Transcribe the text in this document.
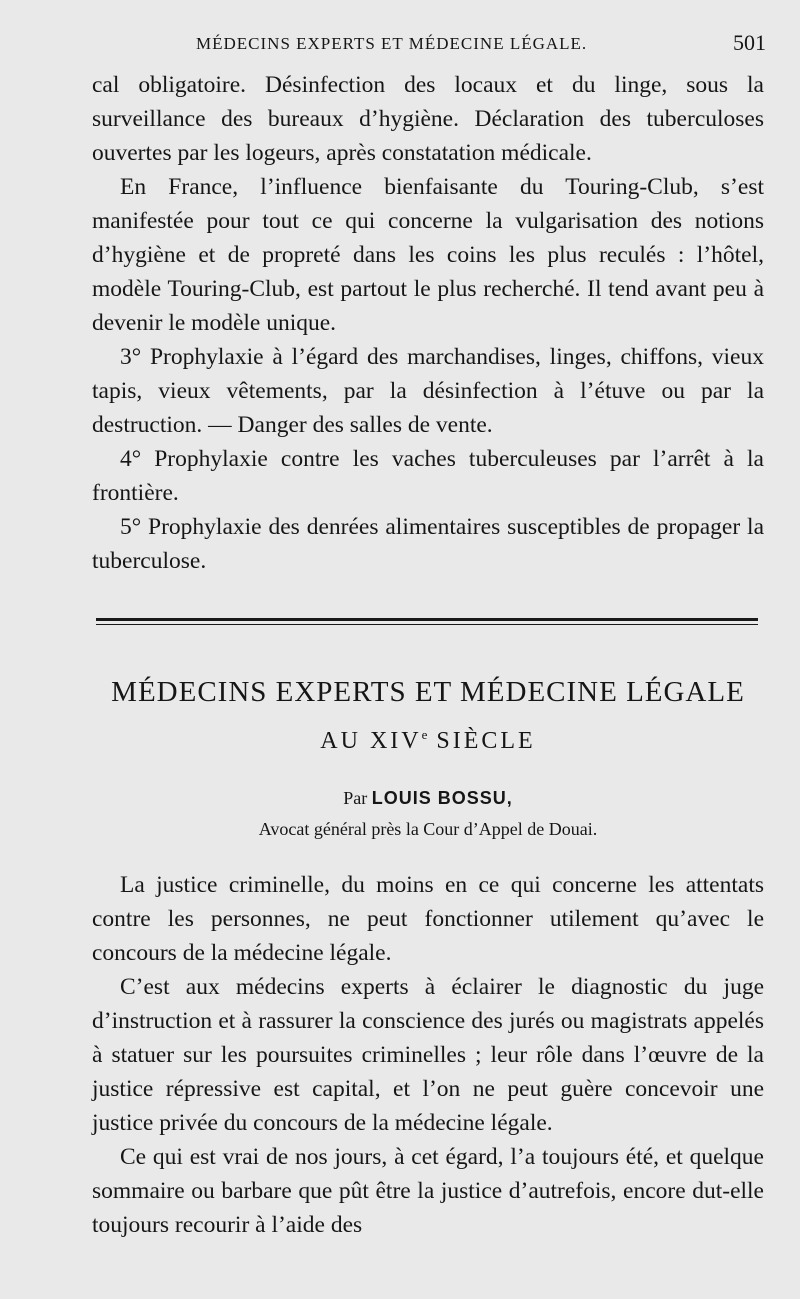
MÉDECINS EXPERTS ET MÉDECINE LÉGALE.	501

cal obligatoire. Désinfection des locaux et du linge, sous la surveillance des bureaux d’hygiène. Déclaration des tuberculoses ouvertes par les logeurs, après constatation médicale.

En France, l’influence bienfaisante du Touring-Club, s’est manifestée pour tout ce qui concerne la vulgarisation des notions d’hygiène et de propreté dans les coins les plus reculés : l’hôtel, modèle Touring-Club, est partout le plus recherché. Il tend avant peu à devenir le modèle unique.

3° Prophylaxie à l’égard des marchandises, linges, chiffons, vieux tapis, vieux vêtements, par la désinfection à l’étuve ou par la destruction. — Danger des salles de vente.

4° Prophylaxie contre les vaches tuberculeuses par l’arrêt à la frontière.

5° Prophylaxie des denrées alimentaires susceptibles de propager la tuberculose.

MÉDECINS EXPERTS ET MÉDECINE LÉGALE
AU XIVe SIÈCLE
Par LOUIS BOSSU,
Avocat général près la Cour d’Appel de Douai.

La justice criminelle, du moins en ce qui concerne les attentats contre les personnes, ne peut fonctionner utilement qu’avec le concours de la médecine légale.

C’est aux médecins experts à éclairer le diagnostic du juge d’instruction et à rassurer la conscience des jurés ou magistrats appelés à statuer sur les poursuites criminelles ; leur rôle dans l’œuvre de la justice répressive est capital, et l’on ne peut guère concevoir une justice privée du concours de la médecine légale.

Ce qui est vrai de nos jours, à cet égard, l’a toujours été, et quelque sommaire ou barbare que pût être la justice d’autrefois, encore dut-elle toujours recourir à l’aide des
